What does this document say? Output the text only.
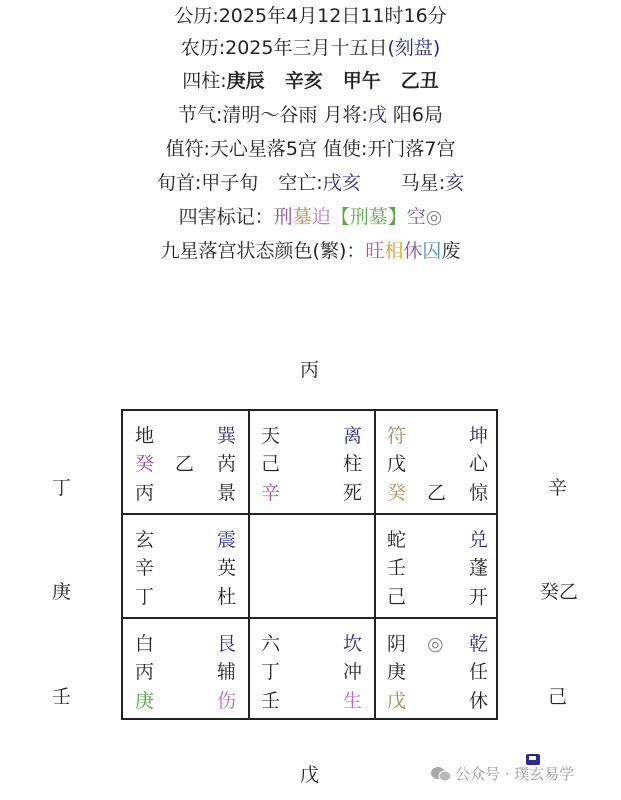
公历:2025年4月12日11时16分
农历:2025年三月十五日(刻盘)
四柱:庚辰 辛亥 甲午 乙丑
节气:清明～谷雨 月将:戌 阳6局
值符:天心星落5宫 值使:开门落7宫
旬首:甲子旬 空亡:戌亥 马星:亥
四害标记：刑墓迫【刑墓】空◎
九星落宫状态颜色(繁)：旺相休囚废
丙
丁
庚
壬
辛
癸乙
己
戊
地	巽
癸 乙 芮
丙	景
天	离
己	柱
辛	死
符	坤
戊	心
癸 乙 惊
玄	震
辛	英
丁	杜
蛇	兑
壬	蓬
己	开
白	艮
丙	辅
庚	伤
六	坎
丁	冲
壬	生
阴 ◎ 乾
庚	任
戊	休
公众号 · 璞玄易学
